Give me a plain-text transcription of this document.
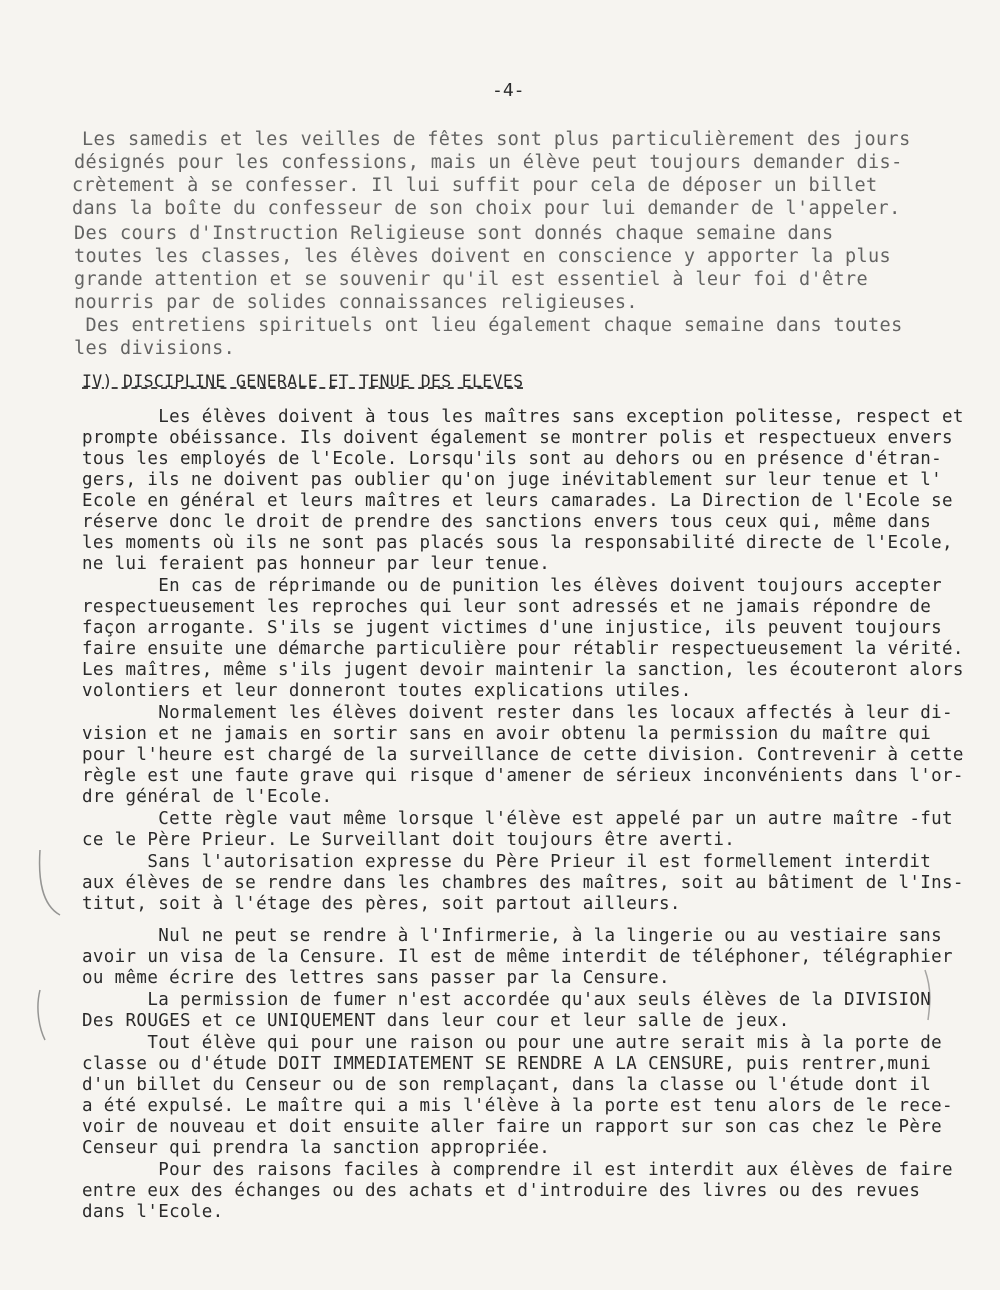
-4-
Les samedis et les veilles de fêtes sont plus particulièrement des jours
désignés pour les confessions, mais un élève peut toujours demander dis-
crètement à se confesser. Il lui suffit pour cela de déposer un billet
dans la boîte du confesseur de son choix pour lui demander de l'appeler.
Des cours d'Instruction Religieuse sont donnés chaque semaine dans
toutes les classes, les élèves doivent en conscience y apporter la plus
grande attention et se souvenir qu'il est essentiel à leur foi d'être
nourris par de solides connaissances religieuses.
Des entretiens spirituels ont lieu également chaque semaine dans toutes
les divisions.
IV) DISCIPLINE GENERALE ET TENUE DES ELEVES
Les élèves doivent à tous les maîtres sans exception politesse, respect et
prompte obéissance. Ils doivent également se montrer polis et respectueux envers
tous les employés de l'Ecole. Lorsqu'ils sont au dehors ou en présence d'étran-
gers, ils ne doivent pas oublier qu'on juge inévitablement sur leur tenue et l'
Ecole en général et leurs maîtres et leurs camarades. La Direction de l'Ecole se
réserve donc le droit de prendre des sanctions envers tous ceux qui, même dans
les moments où ils ne sont pas placés sous la responsabilité directe de l'Ecole,
ne lui feraient pas honneur par leur tenue.
En cas de réprimande ou de punition les élèves doivent toujours accepter
respectueusement les reproches qui leur sont adressés et ne jamais répondre de
façon arrogante. S'ils se jugent victimes d'une injustice, ils peuvent toujours
faire ensuite une démarche particulière pour rétablir respectueusement la vérité.
Les maîtres, même s'ils jugent devoir maintenir la sanction, les écouteront alors
volontiers et leur donneront toutes explications utiles.
Normalement les élèves doivent rester dans les locaux affectés à leur di-
vision et ne jamais en sortir sans en avoir obtenu la permission du maître qui
pour l'heure est chargé de la surveillance de cette division. Contrevenir à cette
règle est une faute grave qui risque d'amener de sérieux inconvénients dans l'or-
dre général de l'Ecole.
Cette règle vaut même lorsque l'élève est appelé par un autre maître -fut
ce le Père Prieur. Le Surveillant doit toujours être averti.
Sans l'autorisation expresse du Père Prieur il est formellement interdit
aux élèves de se rendre dans les chambres des maîtres, soit au bâtiment de l'Ins-
titut, soit à l'étage des pères, soit partout ailleurs.
Nul ne peut se rendre à l'Infirmerie, à la lingerie ou au vestiaire sans
avoir un visa de la Censure. Il est de même interdit de téléphoner, télégraphier
ou même écrire des lettres sans passer par la Censure.
La permission de fumer n'est accordée qu'aux seuls élèves de la DIVISION
Des ROUGES et ce UNIQUEMENT dans leur cour et leur salle de jeux.
Tout élève qui pour une raison ou pour une autre serait mis à la porte de
classe ou d'étude DOIT IMMEDIATEMENT SE RENDRE A LA CENSURE, puis rentrer,muni
d'un billet du Censeur ou de son remplaçant, dans la classe ou l'étude dont il
a été expulsé. Le maître qui a mis l'élève à la porte est tenu alors de le rece-
voir de nouveau et doit ensuite aller faire un rapport sur son cas chez le Père
Censeur qui prendra la sanction appropriée.
Pour des raisons faciles à comprendre il est interdit aux élèves de faire
entre eux des échanges ou des achats et d'introduire des livres ou des revues
dans l'Ecole.
